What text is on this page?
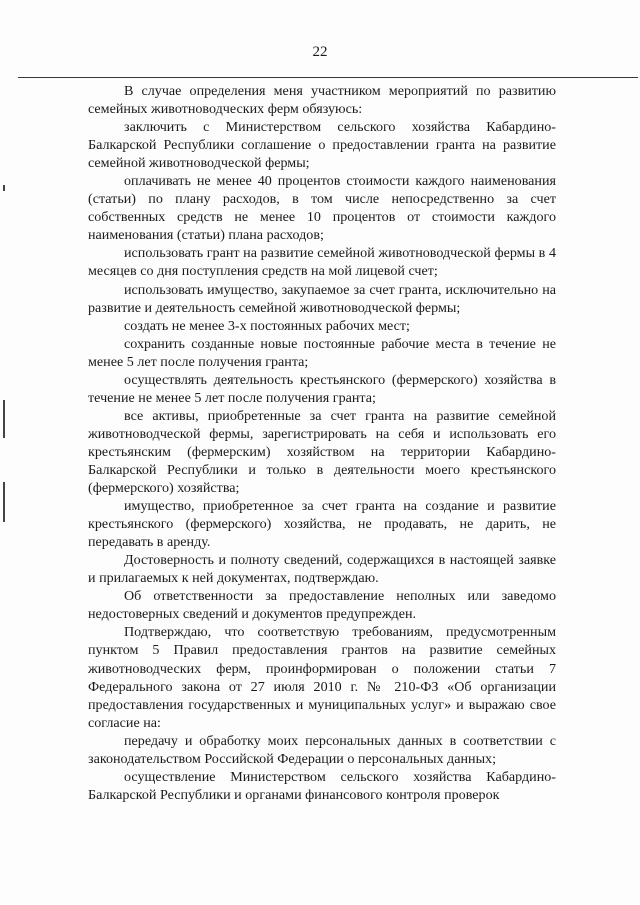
22

В случае определения меня участником мероприятий по развитию семейных животноводческих ферм обязуюсь:

заключить с Министерством сельского хозяйства Кабардино-Балкарской Республики соглашение о предоставлении гранта на развитие семейной животноводческой фермы;

оплачивать не менее 40 процентов стоимости каждого наименования (статьи) по плану расходов, в том числе непосредственно за счет собственных средств не менее 10 процентов от стоимости каждого наименования (статьи) плана расходов;

использовать грант на развитие семейной животноводческой фермы в 4 месяцев со дня поступления средств на мой лицевой счет;

использовать имущество, закупаемое за счет гранта, исключительно на развитие и деятельность семейной животноводческой фермы;

создать не менее 3-х постоянных рабочих мест;

сохранить созданные новые постоянные рабочие места в течение не менее 5 лет после получения гранта;

осуществлять деятельность крестьянского (фермерского) хозяйства в течение не менее 5 лет после получения гранта;

все активы, приобретенные за счет гранта на развитие семейной животноводческой фермы, зарегистрировать на себя и использовать его крестьянским (фермерским) хозяйством на территории Кабардино-Балкарской Республики и только в деятельности моего крестьянского (фермерского) хозяйства;

имущество, приобретенное за счет гранта на создание и развитие крестьянского (фермерского) хозяйства, не продавать, не дарить, не передавать в аренду.

Достоверность и полноту сведений, содержащихся в настоящей заявке и прилагаемых к ней документах, подтверждаю.

Об ответственности за предоставление неполных или заведомо недостоверных сведений и документов предупрежден.

Подтверждаю, что соответствую требованиям, предусмотренным пунктом 5 Правил предоставления грантов на развитие семейных животноводческих ферм, проинформирован о положении статьи 7 Федерального закона от 27 июля 2010 г. № 210-ФЗ «Об организации предоставления государственных и муниципальных услуг» и выражаю свое согласие на:

передачу и обработку моих персональных данных в соответствии с законодательством Российской Федерации о персональных данных;

осуществление Министерством сельского хозяйства Кабардино-Балкарской Республики и органами финансового контроля проверок
